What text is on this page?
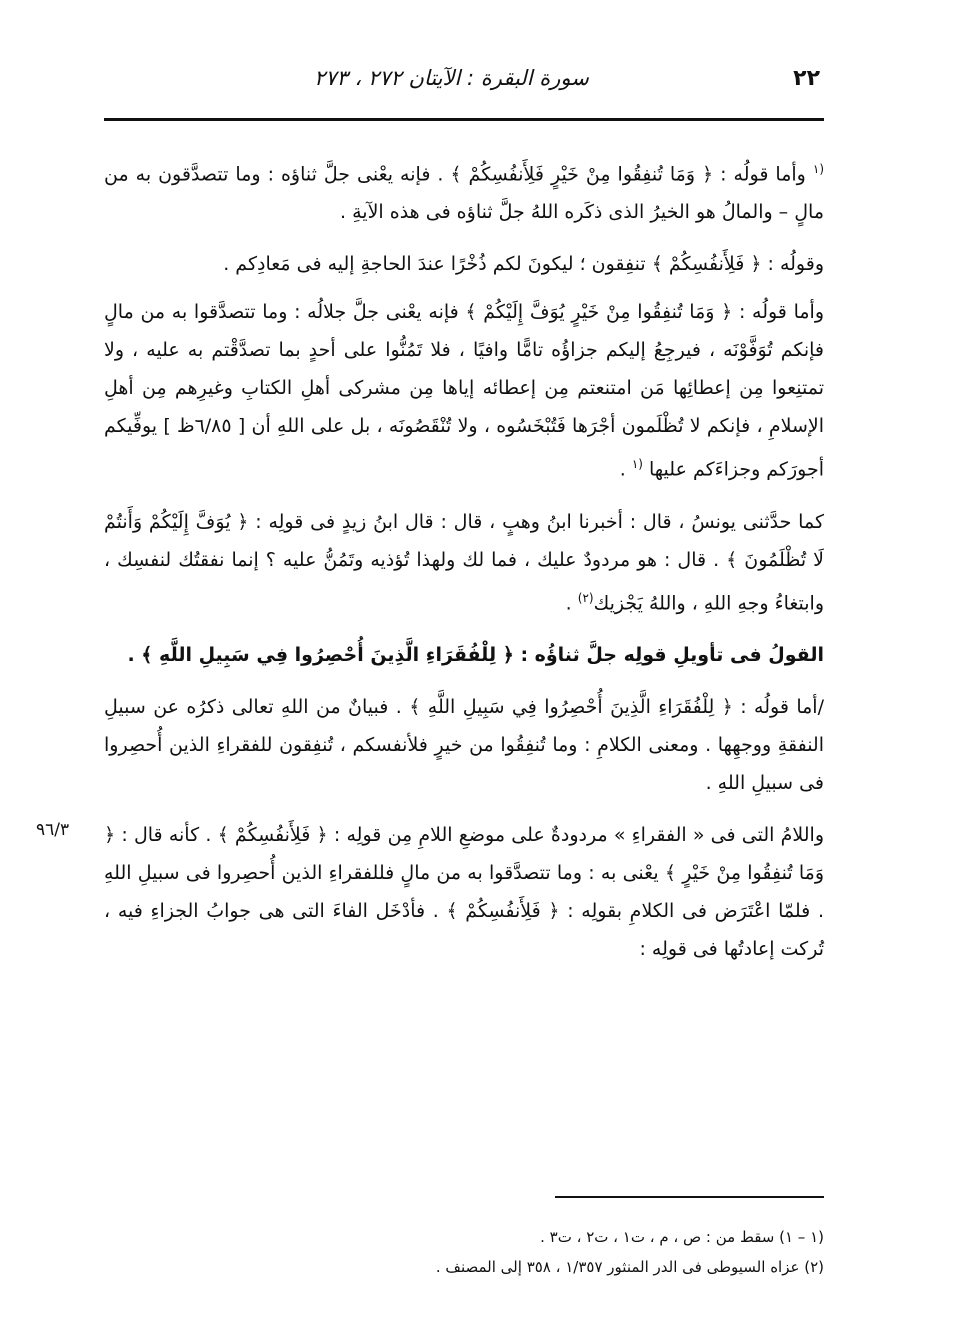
٢٢
سورة البقرة : الآيتان ٢٧٢ ، ٢٧٣
٩٦/٣

$^{(١}$ وأما قولُه : ﴿ وَمَا تُنفِقُوا مِنْ خَيْرٍ فَلِأَنفُسِكُمْ ﴾ . فإنه يعْنى جلَّ ثناؤه : وما تتصدَّقون به من مالٍ – والمالُ هو الخيرُ الذى ذكَره اللهُ جلَّ ثناؤه فى هذه الآيةِ .

وقولُه : ﴿ فَلِأَنفُسِكُمْ ﴾ تنفِقون ؛ ليكونَ لكم ذُخْرًا عندَ الحاجةِ إليه فى مَعادِكم .

وأما قولُه : ﴿ وَمَا تُنفِقُوا مِنْ خَيْرٍ يُوَفَّ إِلَيْكُمْ ﴾ فإنه يعْنى جلَّ جلالُه : وما تتصدَّقوا به من مالٍ فإنكم تُوَفَّوْنَه ، فيرجِعُ إليكم جزاؤُه تامًّا وافيًا ، فلا تَمُنُّوا على أحدٍ بما تصدَّقْتم به عليه ، ولا تمتنِعوا مِن إعطائِها مَن امتنعتم مِن إعطائه إياها مِن مشركى أهلِ الكتابِ وغيرِهم مِن أهلِ الإسلامِ ، فإنكم لا تُظْلَمون أجْرَها فَتُبْخَسُوه ، ولا تُنْقَصُونَه ، بل على اللهِ أن [ ٦/٨٥ظ ] يوفِّيكم أجورَكم وجزاءَكم عليها $^{(١}$ .

كما حدَّثنى يونسُ ، قال : أخبرنا ابنُ وهبٍ ، قال : قال ابنُ زيدٍ فى قولِه : ﴿ يُوَفَّ إِلَيْكُمْ وَأَنتُمْ لَا تُظْلَمُونَ ﴾ . قال : هو مردودٌ عليك ، فما لك ولهذا تُؤذيه وتَمُنُّ عليه ؟ إنما نفقتُك لنفسِك ، وابتغاءُ وجهِ اللهِ ، واللهُ يَجْزيك$^{(٢)}$ .

القولُ فى تأويلِ قولِه جلَّ ثناؤُه : ﴿ لِلْفُقَرَاءِ الَّذِينَ أُحْصِرُوا فِي سَبِيلِ اللَّهِ ﴾ .

/أما قولُه : ﴿ لِلْفُقَرَاءِ الَّذِينَ أُحْصِرُوا فِي سَبِيلِ اللَّهِ ﴾ . فبيانٌ من اللهِ تعالى ذكرُه عن سبيلِ النفقةِ ووجهِها . ومعنى الكلامِ : وما تُنفِقُوا من خيرٍ فلأنفسكم ، تُنفِقون للفقراءِ الذين أُحصِروا فى سبيلِ اللهِ .

واللامُ التى فى « الفقراءِ » مردودةٌ على موضعِ اللامِ مِن قولِه : ﴿ فَلِأَنفُسِكُمْ ﴾ . كأنه قال : ﴿ وَمَا تُنفِقُوا مِنْ خَيْرٍ ﴾ يعْنى به : وما تتصدَّقوا به من مالٍ فللفقراءِ الذين أُحصِروا فى سبيلِ اللهِ . فلمّا اعْتَرَض فى الكلامِ بقولِه : ﴿ فَلِأَنفُسِكُمْ ﴾ . فأدْخَل الفاءَ التى هى جوابُ الجزاءِ فيه ، تُركت إعادتُها فى قولِه :

(١ – ١) سقط من : ص ، م ، ت١ ، ت٢ ، ت٣ .
(٢) عزاه السيوطى فى الدر المنثور ١/٣٥٧ ، ٣٥٨ إلى المصنف .
